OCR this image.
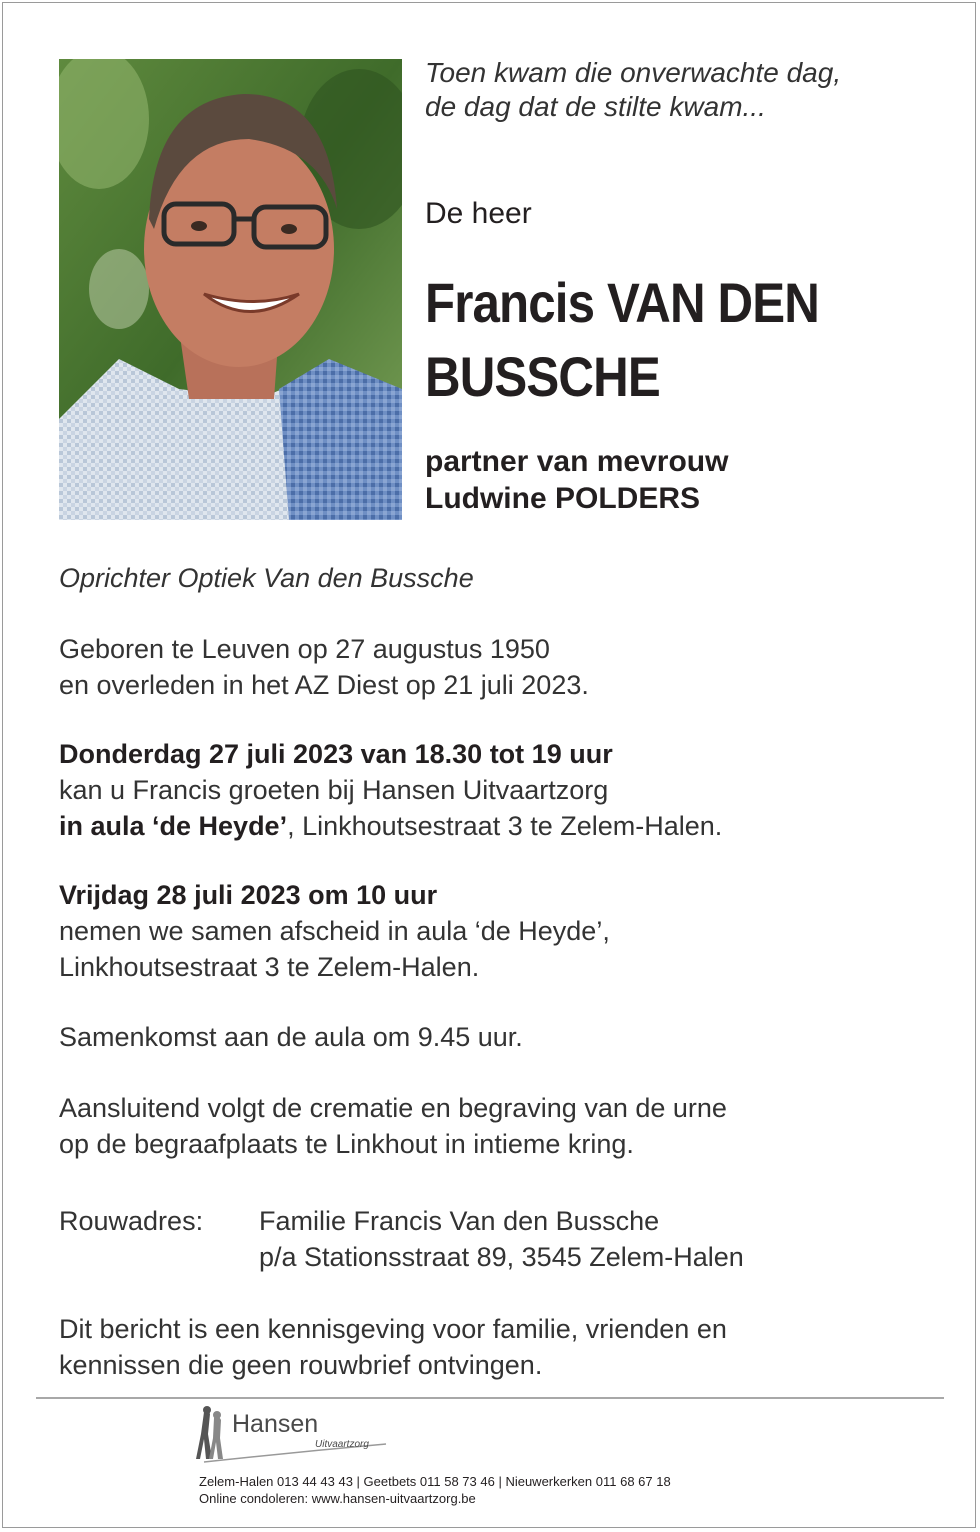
Toen kwam die onverwachte dag,
de dag dat de stilte kwam...
De heer
Francis VAN DEN
BUSSCHE
partner van mevrouw
Ludwine POLDERS
Oprichter Optiek Van den Bussche
Geboren te Leuven op 27 augustus 1950
en overleden in het AZ Diest op 21 juli 2023.
Donderdag 27 juli 2023 van 18.30 tot 19 uur
kan u Francis groeten bij Hansen Uitvaartzorg
in aula ‘de Heyde’, Linkhoutsestraat 3 te Zelem-Halen.
Vrijdag 28 juli 2023 om 10 uur
nemen we samen afscheid in aula ‘de Heyde’,
Linkhoutsestraat 3 te Zelem-Halen.
Samenkomst aan de aula om 9.45 uur.
Aansluitend volgt de crematie en begraving van de urne
op de begraafplaats te Linkhout in intieme kring.
Rouwadres: Familie Francis Van den Bussche
p/a Stationsstraat 89, 3545 Zelem-Halen
Dit bericht is een kennisgeving voor familie, vrienden en
kennissen die geen rouwbrief ontvingen.
Hansen
Uitvaartzorg
Zelem-Halen 013 44 43 43 | Geetbets 011 58 73 46 | Nieuwerkerken 011 68 67 18
Online condoleren: www.hansen-uitvaartzorg.be
